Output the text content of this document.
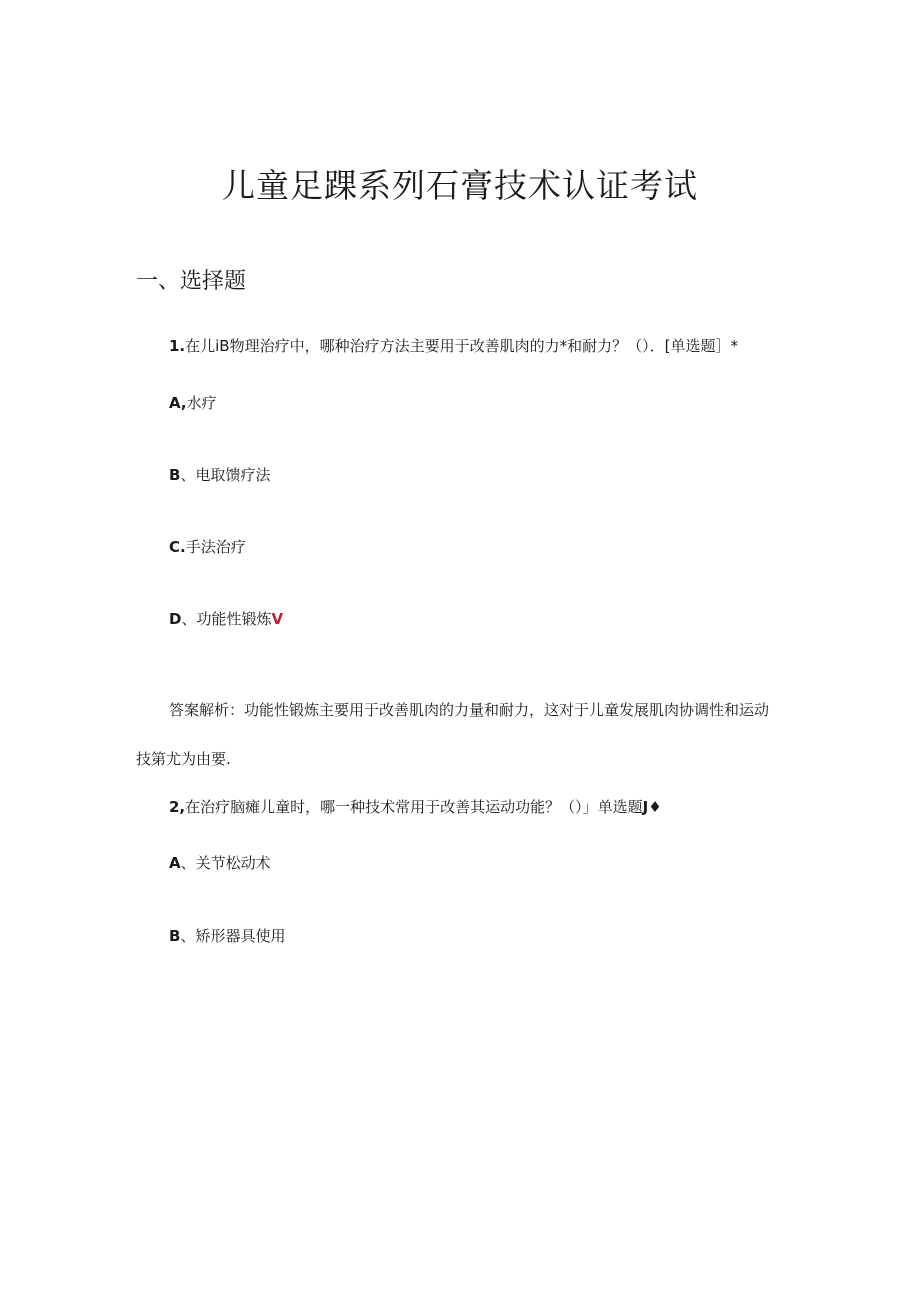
儿童足踝系列石膏技术认证考试
一、选择题
1.在儿iB物理治疗中，哪种治疗方法主要用于改善肌肉的力*和耐力？（）．[单选题］*
A,水疗
B、电取馈疗法
C.手法治疗
D、功能性锻炼V
答案解析：功能性锻炼主要用于改善肌肉的力量和耐力，这对于儿童发展肌肉协调性和运动
技第尤为由要.
2,在治疗脑瘫儿童时，哪一种技术常用于改善其运动功能？（）」单选题J♦
A、关节松动术
B、矫形器具使用
